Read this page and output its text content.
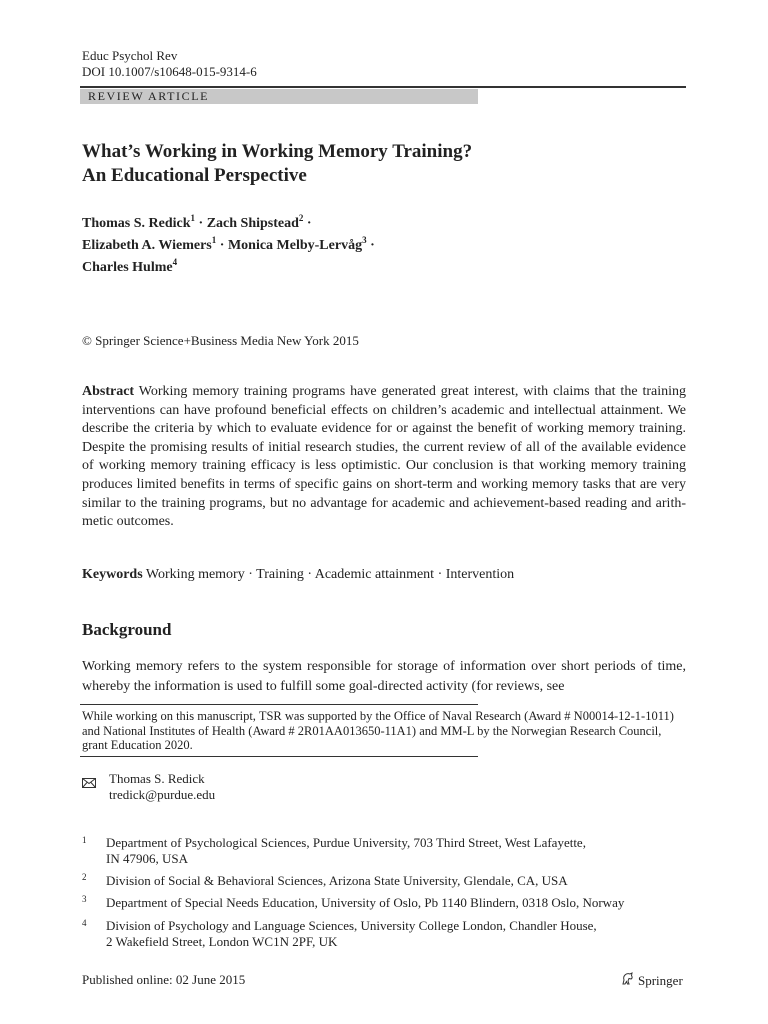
Educ Psychol Rev
DOI 10.1007/s10648-015-9314-6
REVIEW ARTICLE
What’s Working in Working Memory Training?
An Educational Perspective
Thomas S. Redick$^1$ · Zach Shipstead$^2$ ·
Elizabeth A. Wiemers$^1$ · Monica Melby-Lervåg$^3$ ·
Charles Hulme$^4$
© Springer Science+Business Media New York 2015
Abstract Working memory training programs have generated great interest, with claims that the training interventions can have profound beneficial effects on children’s academic and intellectual attainment. We describe the criteria by which to evaluate evidence for or against the benefit of working memory training. Despite the promising results of initial research studies, the current review of all of the available evidence of working memory training efficacy is less optimistic. Our conclusion is that working memory training produces limited benefits in terms of specific gains on short-term and working memory tasks that are very similar to the training programs, but no advantage for academic and achievement-based reading and arith-metic outcomes.
Keywords Working memory · Training · Academic attainment · Intervention
Background
Working memory refers to the system responsible for storage of information over short periods of time, whereby the information is used to fulfill some goal-directed activity (for reviews, see
While working on this manuscript, TSR was supported by the Office of Naval Research (Award # N00014-12-1-1011) and National Institutes of Health (Award # 2R01AA013650-11A1) and MM-L by the Norwegian Research Council, grant Education 2020.
Thomas S. Redick
tredick@purdue.edu
1 Department of Psychological Sciences, Purdue University, 703 Third Street, West Lafayette,
IN 47906, USA
2 Division of Social & Behavioral Sciences, Arizona State University, Glendale, CA, USA
3 Department of Special Needs Education, University of Oslo, Pb 1140 Blindern, 0318 Oslo, Norway
4 Division of Psychology and Language Sciences, University College London, Chandler House,
2 Wakefield Street, London WC1N 2PF, UK
Published online: 02 June 2015	Springer
